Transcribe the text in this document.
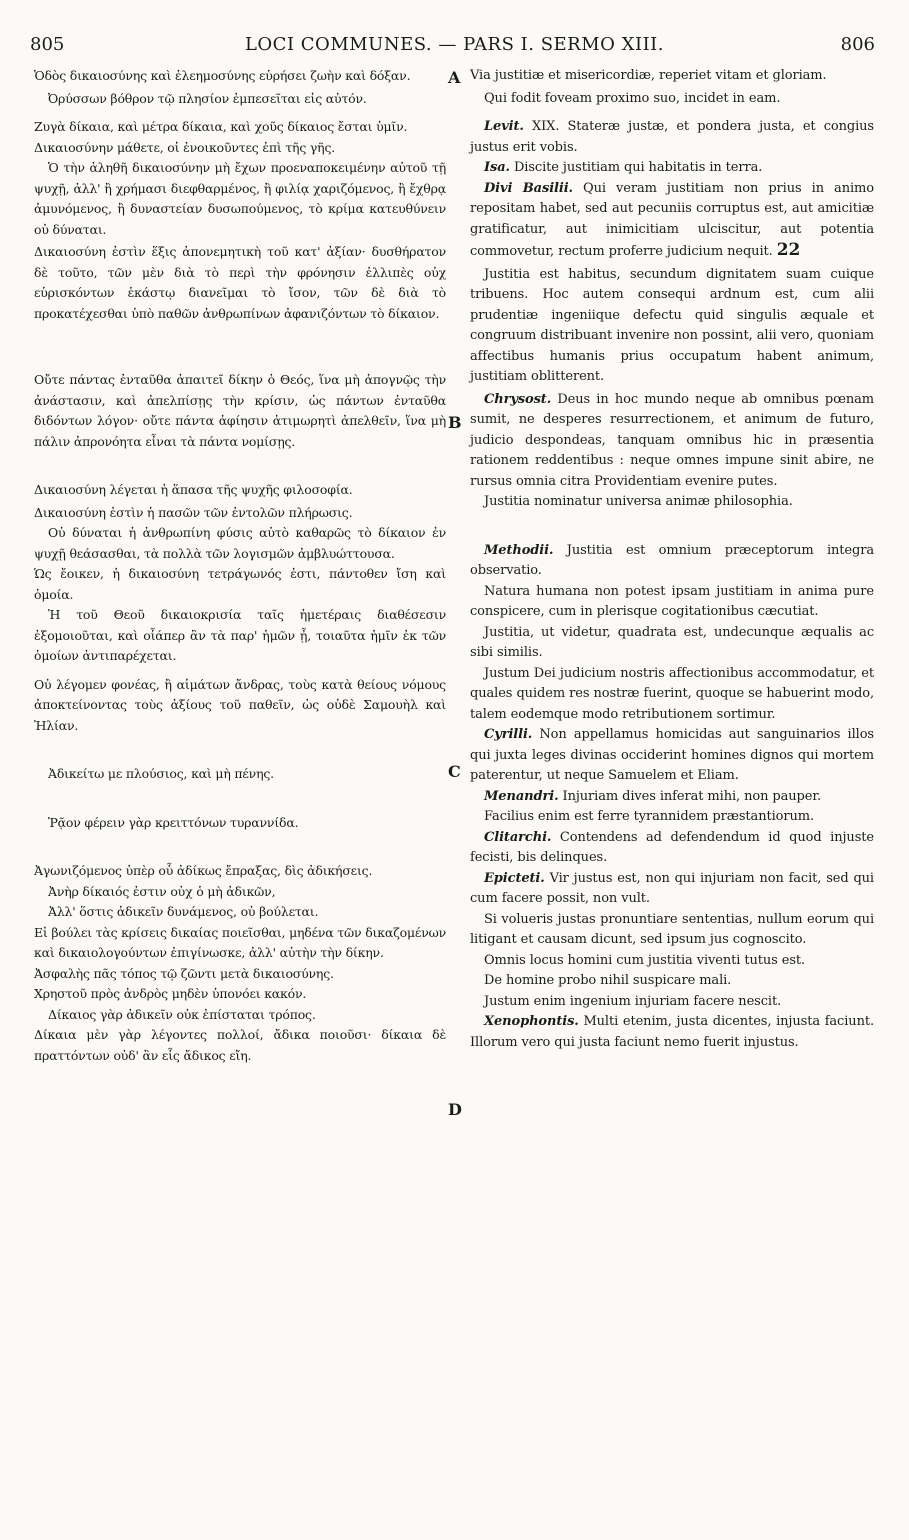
805	LOCI COMMUNES. — PARS I. SERMO XIII.	806
A
B
C
D

Ὁδὸς δικαιοσύνης καὶ ἐλεημοσύνης εὑρήσει ζωὴν καὶ δόξαν.

Ὀρύσσων βόθρον τῷ πλησίον ἐμπεσεῖται εἰς αὐτόν.

Ζυγὰ δίκαια, καὶ μέτρα δίκαια, καὶ χοῦς δίκαιος ἔσται ὑμῖν.

Δικαιοσύνην μάθετε, οἱ ἐνοικοῦντες ἐπὶ τῆς γῆς.

Ὁ τὴν ἀληθῆ δικαιοσύνην μὴ ἔχων προεναποκειμένην αὐτοῦ τῇ ψυχῇ, ἀλλ' ἢ χρήμασι διεφθαρμένος, ἢ φιλίᾳ χαριζόμενος, ἢ ἔχθρᾳ ἀμυνόμενος, ἢ δυναστείαν δυσωπούμενος, τὸ κρίμα κατευθύνειν οὐ δύναται.

Δικαιοσύνη ἐστὶν ἕξις ἀπονεμητικὴ τοῦ κατ' ἀξίαν· δυσθήρατον δὲ τοῦτο, τῶν μὲν διὰ τὸ περὶ τὴν φρόνησιν ἐλλιπὲς οὐχ εὑρισκόντων ἑκάστῳ διανεῖμαι τὸ ἴσον, τῶν δὲ διὰ τὸ προκατέχεσθαι ὑπὸ παθῶν ἀνθρωπίνων ἀφανιζόντων τὸ δίκαιον.

Οὔτε πάντας ἐνταῦθα ἀπαιτεῖ δίκην ὁ Θεός, ἵνα μὴ ἀπογνῷς τὴν ἀνάστασιν, καὶ ἀπελπίσῃς τὴν κρίσιν, ὡς πάντων ἐνταῦθα διδόντων λόγον· οὔτε πάντα ἀφίησιν ἀτιμωρητὶ ἀπελθεῖν, ἵνα μὴ πάλιν ἀπρονόητα εἶναι τὰ πάντα νομίσῃς.

Δικαιοσύνη λέγεται ἡ ἅπασα τῆς ψυχῆς φιλοσοφία.

Δικαιοσύνη ἐστὶν ἡ πασῶν τῶν ἐντολῶν πλήρωσις.

Οὐ δύναται ἡ ἀνθρωπίνη φύσις αὐτὸ καθαρῶς τὸ δίκαιον ἐν ψυχῇ θεάσασθαι, τὰ πολλὰ τῶν λογισμῶν ἀμβλυώττουσα.

Ὡς ἔοικεν, ἡ δικαιοσύνη τετράγωνός ἐστι, πάντοθεν ἴση καὶ ὁμοία.

Ἡ τοῦ Θεοῦ δικαιοκρισία ταῖς ἡμετέραις διαθέσεσιν ἐξομοιοῦται, καὶ οἷάπερ ἂν τὰ παρ' ἡμῶν ᾖ, τοιαῦτα ἡμῖν ἐκ τῶν ὁμοίων ἀντιπαρέχεται.

Οὐ λέγομεν φονέας, ἢ αἱμάτων ἄνδρας, τοὺς κατὰ θείους νόμους ἀποκτείνοντας τοὺς ἀξίους τοῦ παθεῖν, ὡς οὐδὲ Σαμουὴλ καὶ Ἠλίαν.

Ἀδικείτω με πλούσιος, καὶ μὴ πένης.

Ῥᾷον φέρειν γὰρ κρειττόνων τυραννίδα.

Ἀγωνιζόμενος ὑπὲρ οὗ ἀδίκως ἔπραξας, δὶς ἀδικήσεις.

Ἀνὴρ δίκαιός ἐστιν οὐχ ὁ μὴ ἀδικῶν,

Ἀλλ' ὅστις ἀδικεῖν δυνάμενος, οὐ βούλεται.

Εἰ βούλει τὰς κρίσεις δικαίας ποιεῖσθαι, μηδένα τῶν δικαζομένων καὶ δικαιολογούντων ἐπιγίνωσκε, ἀλλ' αὐτὴν τὴν δίκην.

Ἀσφαλὴς πᾶς τόπος τῷ ζῶντι μετὰ δικαιοσύνης.

Χρηστοῦ πρὸς ἀνδρὸς μηδὲν ὑπονόει κακόν.

Δίκαιος γὰρ ἀδικεῖν οὐκ ἐπίσταται τρόπος.

Δίκαια μὲν γὰρ λέγοντες πολλοί, ἄδικα ποιοῦσι· δίκαια δὲ πραττόντων οὐδ' ἂν εἷς ἄδικος εἴη.

Via justitiæ et misericordiæ, reperiet vitam et gloriam.

Qui fodit foveam proximo suo, incidet in eam.

Levit. XIX. Stateræ justæ, et pondera justa, et congius justus erit vobis.

Isa. Discite justitiam qui habitatis in terra.

Divi Basilii. Qui veram justitiam non prius in animo repositam habet, sed aut pecuniis corruptus est, aut amicitiæ gratificatur, aut inimicitiam ulciscitur, aut potentia commovetur, rectum proferre judicium nequit. 22

Justitia est habitus, secundum dignitatem suam cuique tribuens. Hoc autem consequi ardnum est, cum alii prudentiæ ingeniique defectu quid singulis æquale et congruum distribuant invenire non possint, alii vero, quoniam affectibus humanis prius occupatum habent animum, justitiam oblitterent.

Chrysost. Deus in hoc mundo neque ab omnibus pœnam sumit, ne desperes resurrectionem, et animum de futuro, judicio despondeas, tanquam omnibus hic in præsentia rationem reddentibus : neque omnes impune sinit abire, ne rursus omnia citra Providentiam evenire putes.

Justitia nominatur universa animæ philosophia.

Methodii. Justitia est omnium præceptorum integra observatio.

Natura humana non potest ipsam justitiam in anima pure conspicere, cum in plerisque cogitationibus cæcutiat.

Justitia, ut videtur, quadrata est, undecunque æqualis ac sibi similis.

Justum Dei judicium nostris affectionibus accommodatur, et quales quidem res nostræ fuerint, quoque se habuerint modo, talem eodemque modo retributionem sortimur.

Cyrilli. Non appellamus homicidas aut sanguinarios illos qui juxta leges divinas occiderint homines dignos qui mortem paterentur, ut neque Samuelem et Eliam.

Menandri. Injuriam dives inferat mihi, non pauper.

Facilius enim est ferre tyrannidem præstantiorum.

Clitarchi. Contendens ad defendendum id quod injuste fecisti, bis delinques.

Epicteti. Vir justus est, non qui injuriam non facit, sed qui cum facere possit, non vult.

Si volueris justas pronuntiare sententias, nullum eorum qui litigant et causam dicunt, sed ipsum jus cognoscito.

Omnis locus homini cum justitia viventi tutus est.

De homine probo nihil suspicare mali.

Justum enim ingenium injuriam facere nescit.

Xenophontis. Multi etenim, justa dicentes, injusta faciunt. Illorum vero qui justa faciunt nemo fuerit injustus.
